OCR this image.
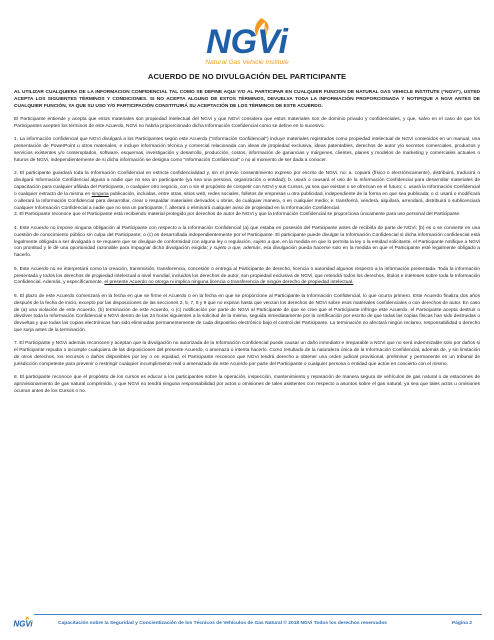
NGVi
Natural Gas Vehicle Institute
ACUERDO DE NO DIVULGACIÓN DEL PARTICIPANTE

AL UTILIZAR CUALQUIERA DE LA INFORMACIÓN CONFIDENCIAL TAL COMO SE DEFINE AQUÍ Y/O AL PARTICIPAR EN CUALQUIER FUNCIÓN DE NATURAL GAS VEHICLE INSTITUTE ("NGVI"), USTED ACEPTA LOS SIGUIENTES TÉRMINOS Y CONDICIONES. SI NO ACEPTA ALGUNO DE ESTOS TÉRMINOS, DEVUELVA TODA LA INFORMACIÓN PROPORCIONADA Y NOTIFIQUE A NGVI ANTES DE CUALQUIER FUNCIÓN, YA QUE SU USO Y/O PARTICIPACIÓN CONSTITUIRÁ SU ACEPTACIÓN DE LOS TÉRMINOS DE ESTE ACUERDO.

El Participante entiende y acepta que estos materiales son propiedad intelectual del NGVi y que NGVi considera que estos materiales son de dominio privado y confidenciales, y que, salvo en el caso de que los Participantes acepten los términos de este Acuerdo, NGVi no habría proporcionado dicha Información Confidencial como se define en lo sucesivo.

1. La información confidencial que NGVi divulgará a los Participantes según este Acuerdo ("Información Confidencial") incluye materiales registrados como propiedad intelectual de NGVi contenidos en un manual, una presentación de PowerPoint u otros materiales, e incluye información técnica y comercial relacionada con ideas de propiedad exclusiva, ideas patentables, derechos de autor y/o secretos comerciales, productos y servicios existentes y/o contemplados, software, esquemas, investigación y desarrollo, producción, costos, información de ganancias y márgenes, clientes, planes y modelos de marketing y comerciales actuales o futuros de NGVi, independientemente de si dicha información se designa como "Información Confidencial" o no al momento de ser dada a conocer.

2. El participante guardará toda la Información Confidencial en estricta confidencialidad y, sin el previo consentimiento expreso por escrito de NGVi, no: a. copiará (físico o electrónicamente), distribuirá, traducirá o divulgará Información Confidencial alguna a nadie que no sea un participante (ya sea una persona, organización o entidad); b. usará o causará el uso de la Información Confidencial para desarrollar materiales de capacitación para cualquier afiliada del Participante, o cualquier otro negocio, con o sin el propósito de competir con NGVi y sus Cursos, ya sea que existan o se ofrezcan en el futuro; c. usará la Información Confidencial o cualquier extracto de la misma en ninguna publicación, incluidas, entre otras, sitios web, redes sociales, folletos de empresas u otra publicidad, independiente de la forma en que sea publicada; o d. usará o modificará o alterará la Información Confidencial para desarrollar, crear o respaldar materiales derivados u obras, de cualquier manera, o en cualquier medio; e. transferirá, venderá, alquilará, arrendará, distribuirá o sublicenciará cualquier Información Confidencial a nadie que no sea un participante; f. alterará o eliminará cualquier aviso de propiedad en la Información Confidencial.

3. El Participante reconoce que el Participante está recibiendo material protegido por derechos de autor de NGVi y que la Información Confidencial se proporciona únicamente para uso personal del Participante.

4. Este Acuerdo no impone ninguna obligación al Participante con respecto a la Información Confidencial (a) que estaba en posesión del Participante antes de recibirla de parte de NGVi; (b) es o se convierte en una cuestión de conocimiento público sin culpa del Participante; o (c) es desarrollada independientemente por el Participante. El participante puede divulgar la Información Confidencial si dicha información confidencial está legalmente obligada a ser divulgada o se requiere que se divulgue de conformidad con alguna ley o regulación, sujeto a que, en la medida en que lo permita la ley o la entidad solicitante, el Participante notifique a NGVi con prontitud y le dé una oportunidad razonable para impugnar dicha divulgación exigida; y sujeto a que, además, esa divulgación pueda hacerse solo en la medida en que el Participante esté legalmente obligado a hacerlo.

5. Este Acuerdo no se interpretará como la creación, transmisión, transferencia, concesión o entrega al Participante de derecho, licencia o autoridad algunos respecto a la información presentada. Toda la información presentada y todos los derechos de propiedad intelectual a nivel mundial, incluidos los derechos de autor, son propiedad exclusiva de NGVi, que retendrá todos los derechos, títulos e intereses sobre toda la Información Confidencial. Además, y específicamente, el presente Acuerdo no otorga ni implica ninguna licencia o transferencia de ningún derecho de propiedad intelectual.

6. El plazo de este Acuerdo comenzará en la fecha en que se firme el Acuerdo o en la fecha en que se proporcione al Participante la Información Confidencial, lo que ocurra primero. Este Acuerdo finaliza dos años después de la fecha de inicio, excepto por las disposiciones de las secciones 2, 5, 7, 8 y 9 que no expiran hasta que venzan los derechos de NGVi sobre esos materiales confidenciales o con derechos de autor. En caso de (a) una violación de este Acuerdo, (b) terminación de este Acuerdo, o (c) notificación por parte de NGVi al Participante de que se cree que el Participante infringe este Acuerdo, el Participante acepta destruir o devolver toda la Información Confidencial a NGVi dentro de las 24 horas siguientes a la solicitud de la misma, seguida inmediatamente por la certificación por escrito de que todas las copias físicas han sido destruidas o devueltas y que todas las copias electrónicas han sido eliminadas permanentemente de cada dispositivo electrónico bajo el control del Participante. La terminación no afectará ningún reclamo, responsabilidad o derecho que surja antes de la terminación.

7. El Participante y NGVi además reconocen y aceptan que la divulgación no autorizada de la Información Confidencial puede causar un daño inmediato e irreparable a NGVi que no será indemnizable solo por daños si el Participante repudia o incumple cualquiera de las disposiciones del presente Acuerdo, o amenaza o intenta hacerlo. Como resultado de la naturaleza única de la Información Confidencial, además de, y sin limitación de otros derechos, los recursos o daños disponibles por ley o en equidad, el Participante reconoce que NGVi tendrá derecho a obtener una orden judicial provisional, preliminar y permanente en un tribunal de jurisdicción competente para prevenir o restringir cualquier incumplimiento real o amenazado de este Acuerdo por parte del Participante o cualquier persona o entidad que actúe en concierto con el mismo.

8. El participante reconoce que el propósito de los cursos es educar a los participantes sobre la operación, inspección, mantenimiento y reparación de manera segura de vehículos de gas natural o de estaciones de aprovisionamiento de gas natural comprimido, y que NGVi no tendrá ninguna responsabilidad por actos u omisiones de tales asistentes con respecto a asuntos sobre el gas natural, ya sea que tales actos u omisiones ocurran antes de los Cursos o no.

NGVi	Capacitación sobre la Seguridad y Concientización de los Técnicos de Vehículos de Gas Natural © 2018 NGVi Todos los derechos reservados	Página 2
